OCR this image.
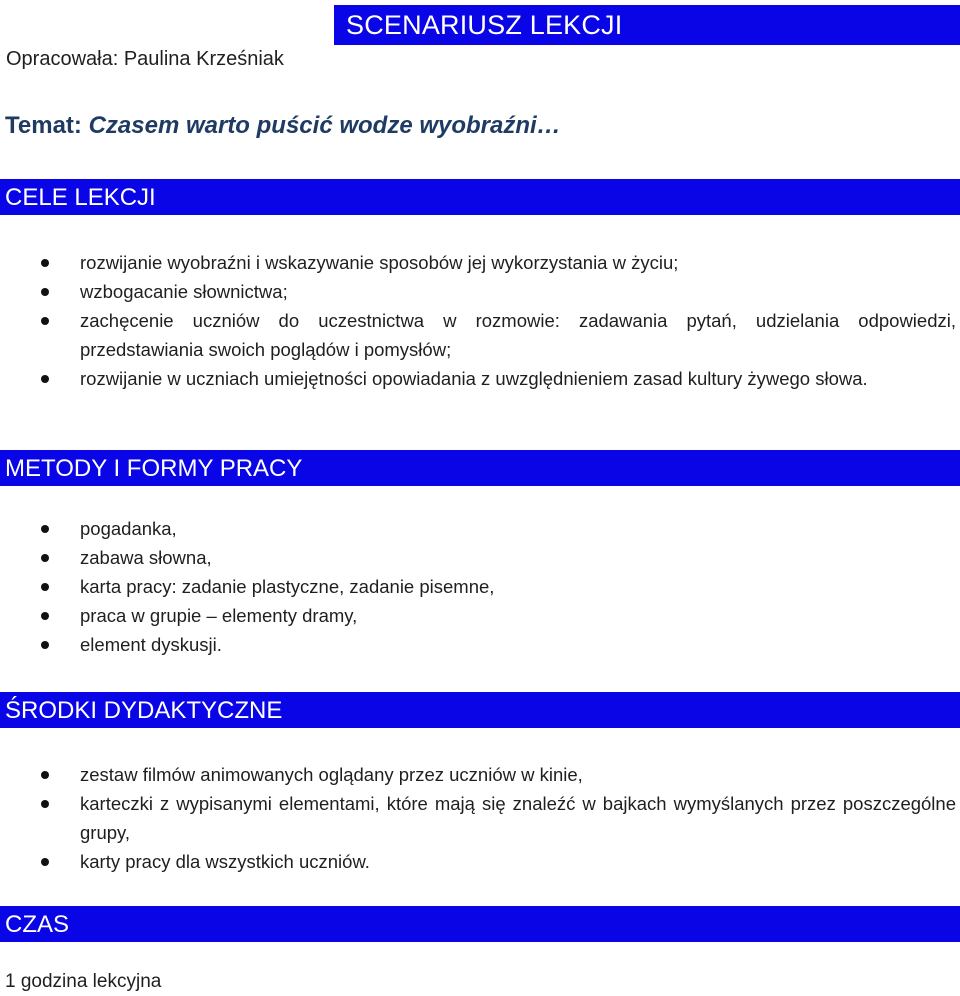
SCENARIUSZ LEKCJI
Opracowała: Paulina Krześniak
Temat: Czasem warto puścić wodze wyobraźni…
CELE LEKCJI
rozwijanie wyobraźni i wskazywanie sposobów jej wykorzystania w życiu;
wzbogacanie słownictwa;
zachęcenie uczniów do uczestnictwa w rozmowie: zadawania pytań, udzielania odpowiedzi, przedstawiania swoich poglądów i pomysłów;
rozwijanie w uczniach umiejętności opowiadania z uwzględnieniem zasad kultury żywego słowa.
METODY I FORMY PRACY
pogadanka,
zabawa słowna,
karta pracy: zadanie plastyczne, zadanie pisemne,
praca w grupie – elementy dramy,
element dyskusji.
ŚRODKI DYDAKTYCZNE
zestaw filmów animowanych oglądany przez uczniów w kinie,
karteczki z wypisanymi elementami, które mają się znaleźć w bajkach wymyślanych przez poszczególne grupy,
karty pracy dla wszystkich uczniów.
CZAS
1 godzina lekcyjna
